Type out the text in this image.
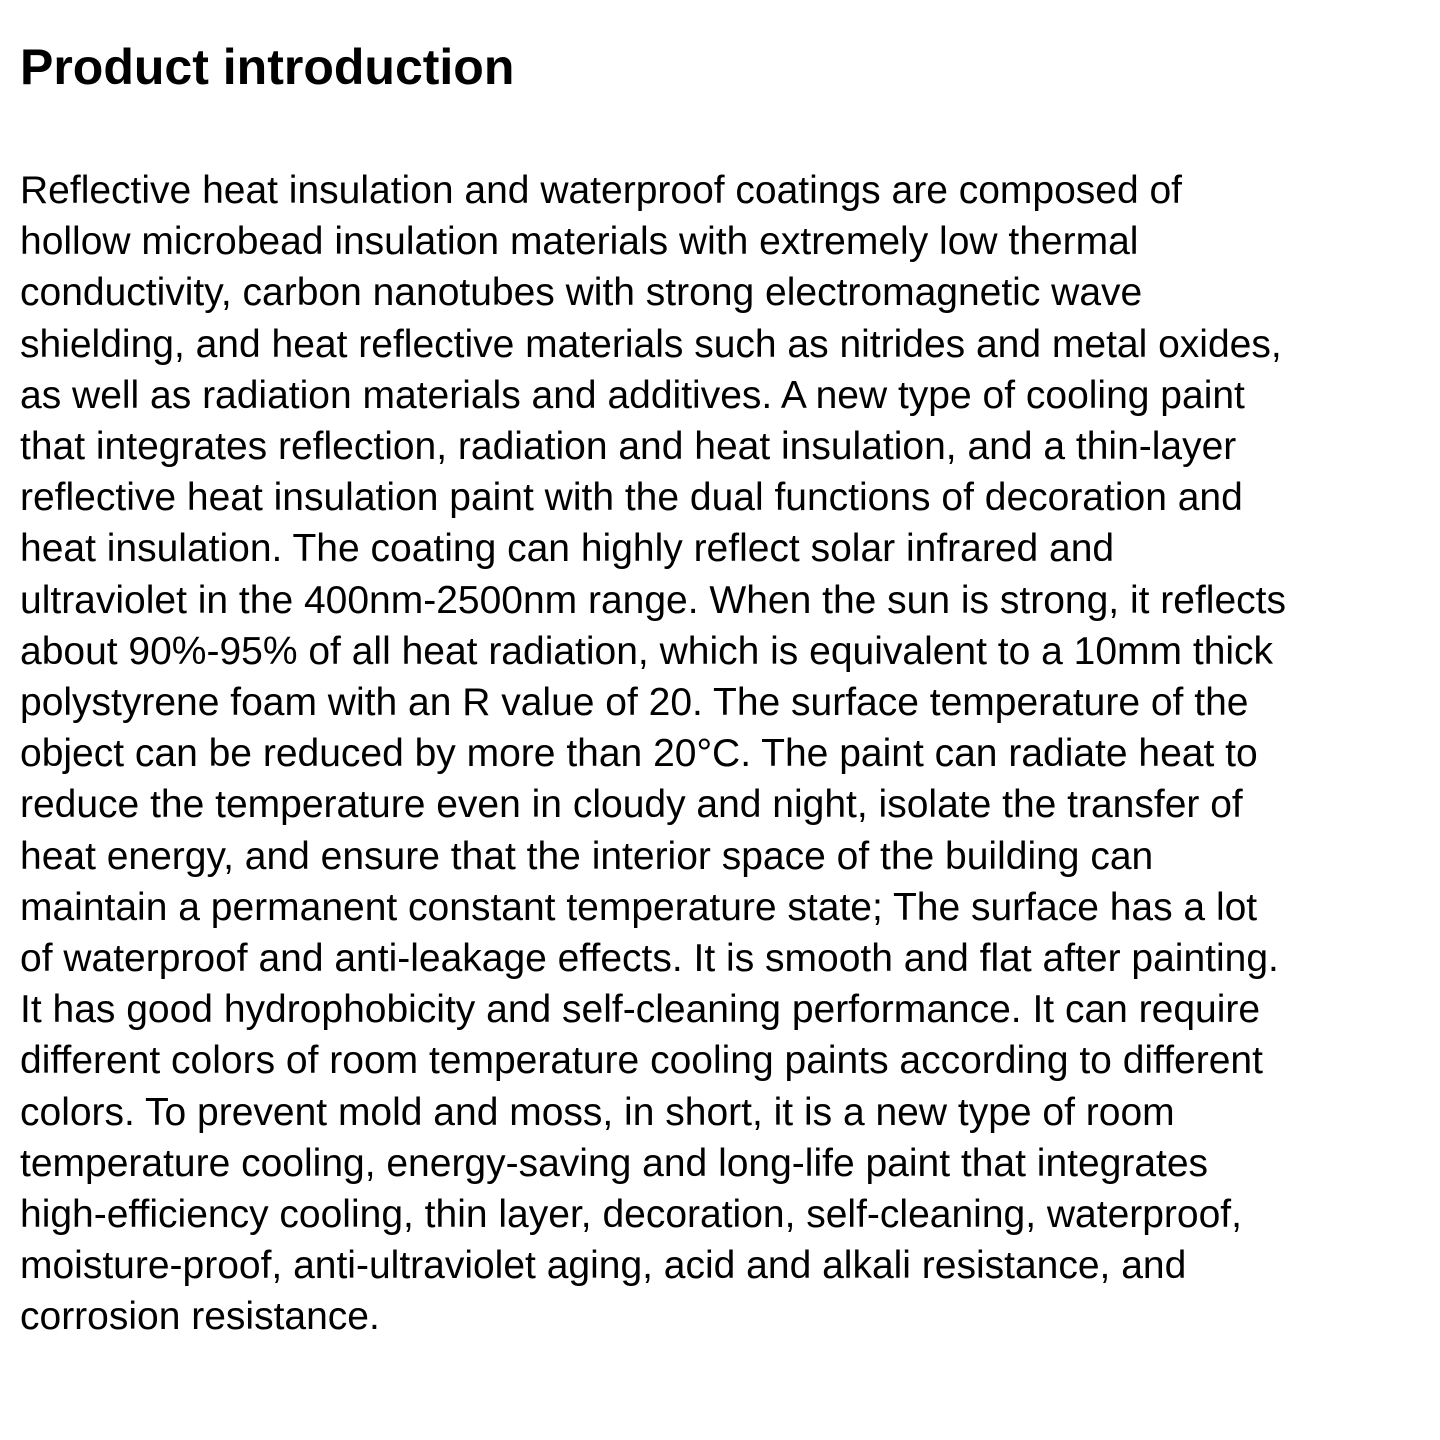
Product introduction

Reflective heat insulation and waterproof coatings are composed of
hollow microbead insulation materials with extremely low thermal
conductivity, carbon nanotubes with strong electromagnetic wave
shielding, and heat reflective materials such as nitrides and metal oxides,
as well as radiation materials and additives. A new type of cooling paint
that integrates reflection, radiation and heat insulation, and a thin-layer
reflective heat insulation paint with the dual functions of decoration and
heat insulation. The coating can highly reflect solar infrared and
ultraviolet in the 400nm-2500nm range. When the sun is strong, it reflects
about 90%-95% of all heat radiation, which is equivalent to a 10mm thick
polystyrene foam with an R value of 20. The surface temperature of the
object can be reduced by more than 20°C. The paint can radiate heat to
reduce the temperature even in cloudy and night, isolate the transfer of
heat energy, and ensure that the interior space of the building can
maintain a permanent constant temperature state; The surface has a lot
of waterproof and anti-leakage effects. It is smooth and flat after painting.
It has good hydrophobicity and self-cleaning performance. It can require
different colors of room temperature cooling paints according to different
colors. To prevent mold and moss, in short, it is a new type of room
temperature cooling, energy-saving and long-life paint that integrates
high-efficiency cooling, thin layer, decoration, self-cleaning, waterproof,
moisture-proof, anti-ultraviolet aging, acid and alkali resistance, and
corrosion resistance.
